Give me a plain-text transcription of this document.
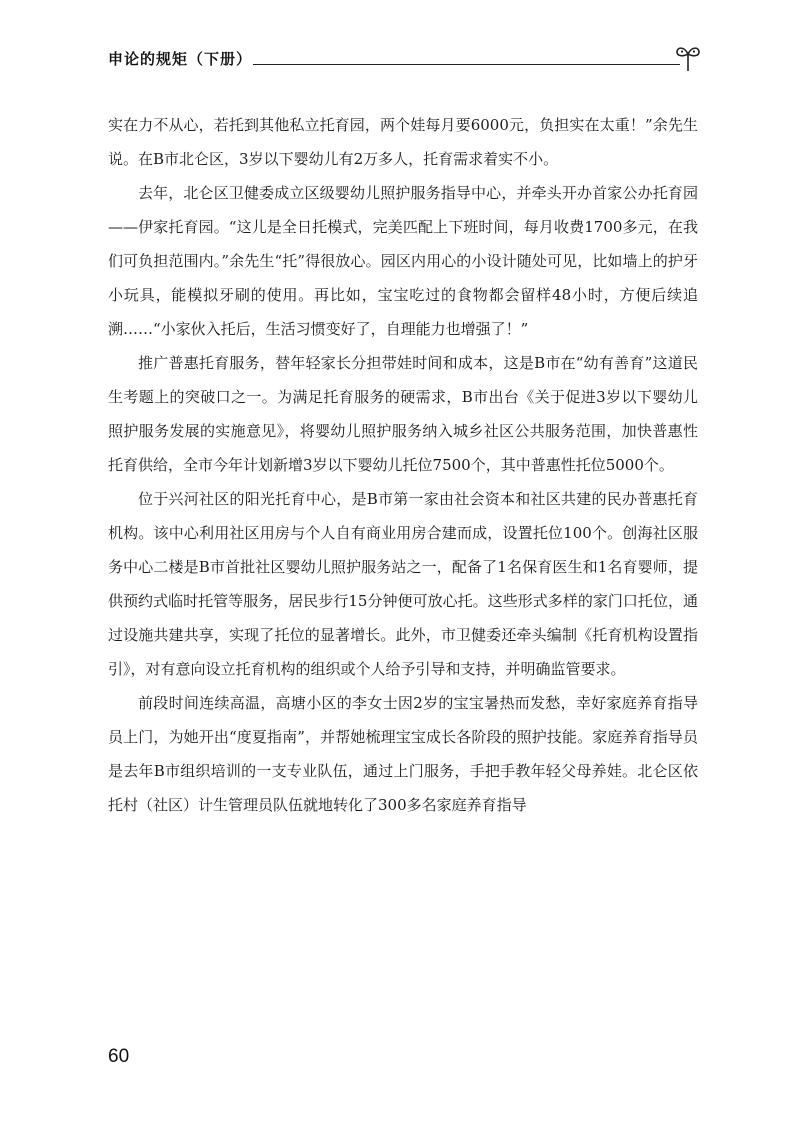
申论的规矩（下册）

实在力不从心，若托到其他私立托育园，两个娃每月要6000元，负担实在太重！”余先生说。在B市北仑区，3岁以下婴幼儿有2万多人，托育需求着实不小。

去年，北仑区卫健委成立区级婴幼儿照护服务指导中心，并牵头开办首家公办托育园——伊家托育园。“这儿是全日托模式，完美匹配上下班时间，每月收费1700多元，在我们可负担范围内。”余先生“托”得很放心。园区内用心的小设计随处可见，比如墙上的护牙小玩具，能模拟牙刷的使用。再比如，宝宝吃过的食物都会留样48小时，方便后续追溯……“小家伙入托后，生活习惯变好了，自理能力也增强了！”

推广普惠托育服务，替年轻家长分担带娃时间和成本，这是B市在“幼有善育”这道民生考题上的突破口之一。为满足托育服务的硬需求，B市出台《关于促进3岁以下婴幼儿照护服务发展的实施意见》，将婴幼儿照护服务纳入城乡社区公共服务范围，加快普惠性托育供给，全市今年计划新增3岁以下婴幼儿托位7500个，其中普惠性托位5000个。

位于兴河社区的阳光托育中心，是B市第一家由社会资本和社区共建的民办普惠托育机构。该中心利用社区用房与个人自有商业用房合建而成，设置托位100个。创海社区服务中心二楼是B市首批社区婴幼儿照护服务站之一，配备了1名保育医生和1名育婴师，提供预约式临时托管等服务，居民步行15分钟便可放心托。这些形式多样的家门口托位，通过设施共建共享，实现了托位的显著增长。此外，市卫健委还牵头编制《托育机构设置指引》，对有意向设立托育机构的组织或个人给予引导和支持，并明确监管要求。

前段时间连续高温，高塘小区的李女士因2岁的宝宝暑热而发愁，幸好家庭养育指导员上门，为她开出“度夏指南”，并帮她梳理宝宝成长各阶段的照护技能。家庭养育指导员是去年B市组织培训的一支专业队伍，通过上门服务，手把手教年轻父母养娃。北仑区依托村（社区）计生管理员队伍就地转化了300多名家庭养育指导

60
